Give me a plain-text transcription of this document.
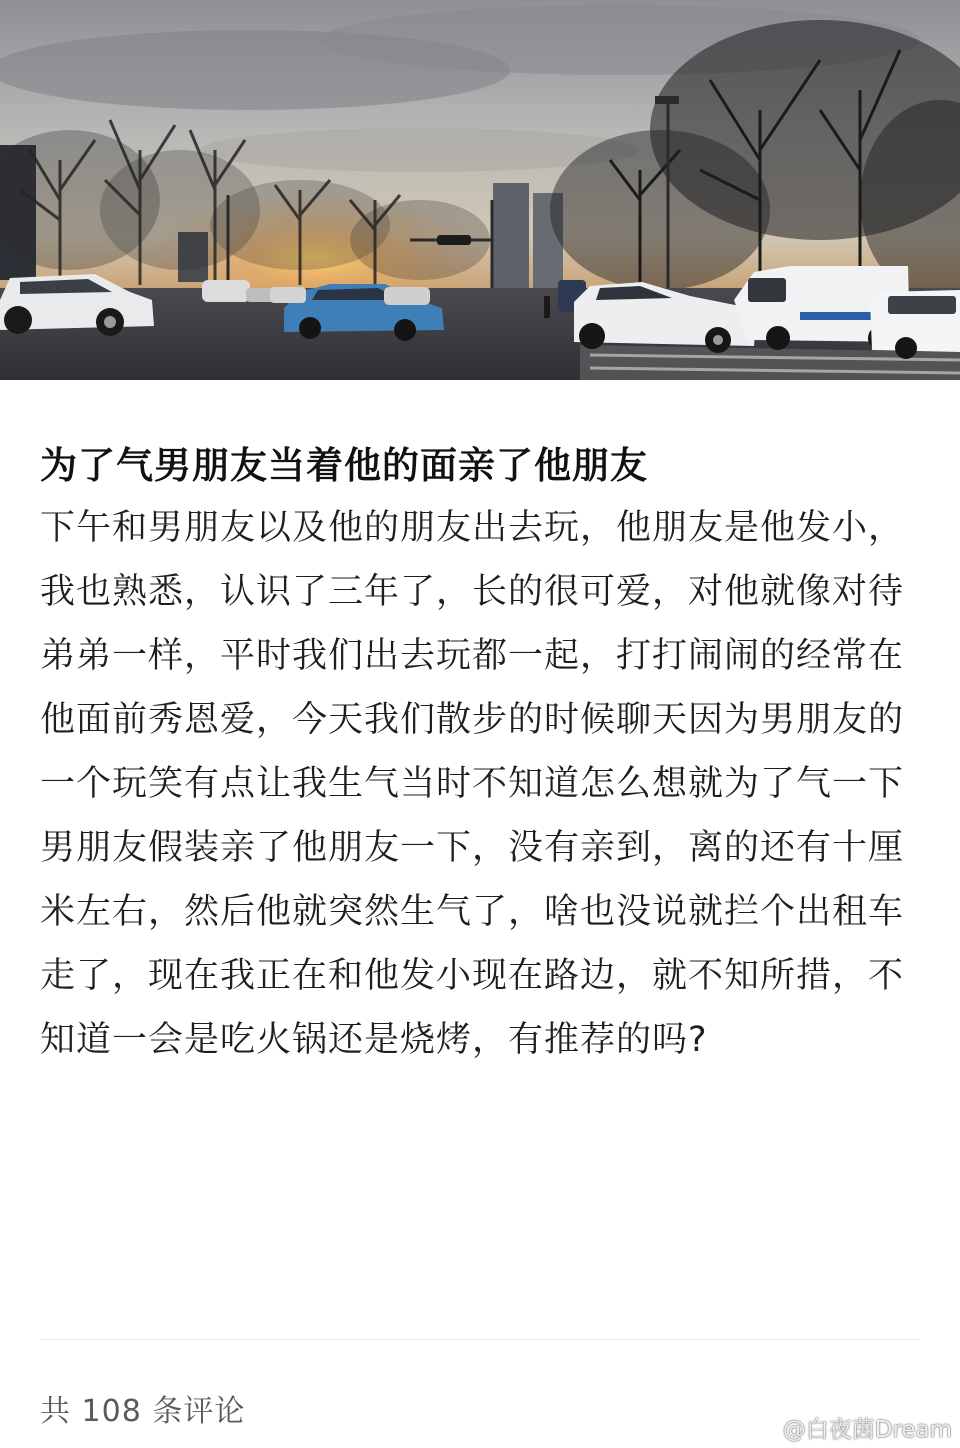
为了气男朋友当着他的面亲了他朋友

下午和男朋友以及他的朋友出去玩，他朋友是他发小，我也熟悉，认识了三年了，长的很可爱，对他就像对待弟弟一样，平时我们出去玩都一起，打打闹闹的经常在他面前秀恩爱，今天我们散步的时候聊天因为男朋友的一个玩笑有点让我生气当时不知道怎么想就为了气一下男朋友假装亲了他朋友一下，没有亲到，离的还有十厘米左右，然后他就突然生气了，啥也没说就拦个出租车走了，现在我正在和他发小现在路边，就不知所措，不知道一会是吃火锅还是烧烤，有推荐的吗?

共 108 条评论
@白夜茵Dream
